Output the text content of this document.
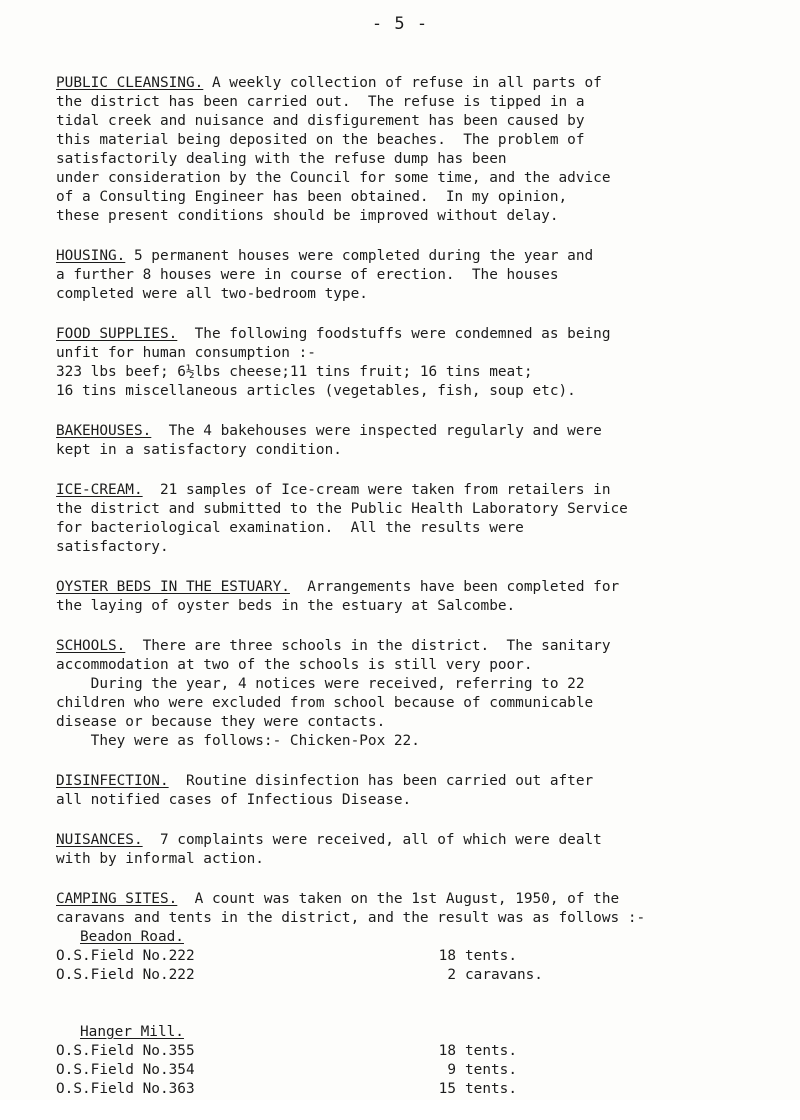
- 5 -
PUBLIC CLEANSING. A weekly collection of refuse in all parts of
the district has been carried out.  The refuse is tipped in a
tidal creek and nuisance and disfigurement has been caused by
this material being deposited on the beaches.  The problem of
satisfactorily dealing with the refuse dump has been
under consideration by the Council for some time, and the advice
of a Consulting Engineer has been obtained.  In my opinion,
these present conditions should be improved without delay.
HOUSING. 5 permanent houses were completed during the year and
a further 8 houses were in course of erection.  The houses
completed were all two-bedroom type.
FOOD SUPPLIES.  The following foodstuffs were condemned as being
unfit for human consumption :-
323 lbs beef; 6½lbs cheese;11 tins fruit; 16 tins meat;
16 tins miscellaneous articles (vegetables, fish, soup etc).
BAKEHOUSES.  The 4 bakehouses were inspected regularly and were
kept in a satisfactory condition.
ICE-CREAM.  21 samples of Ice-cream were taken from retailers in
the district and submitted to the Public Health Laboratory Service
for bacteriological examination.  All the results were
satisfactory.
OYSTER BEDS IN THE ESTUARY.  Arrangements have been completed for
the laying of oyster beds in the estuary at Salcombe.
SCHOOLS.  There are three schools in the district.  The sanitary
accommodation at two of the schools is still very poor.
During the year, 4 notices were received, referring to 22
children who were excluded from school because of communicable
disease or because they were contacts.
They were as follows:- Chicken-Pox 22.
DISINFECTION.  Routine disinfection has been carried out after
all notified cases of Infectious Disease.
NUISANCES.  7 complaints were received, all of which were dealt
with by informal action.
CAMPING SITES.  A count was taken on the 1st August, 1950, of the
caravans and tents in the district, and the result was as follows :-
Beadon Road.
O.S.Field No.222	18 tents.
O.S.Field No.222	2 caravans.
Hanger Mill.
O.S.Field No.355	18 tents.
O.S.Field No.354	9 tents.
O.S.Field No.363	15 tents.
